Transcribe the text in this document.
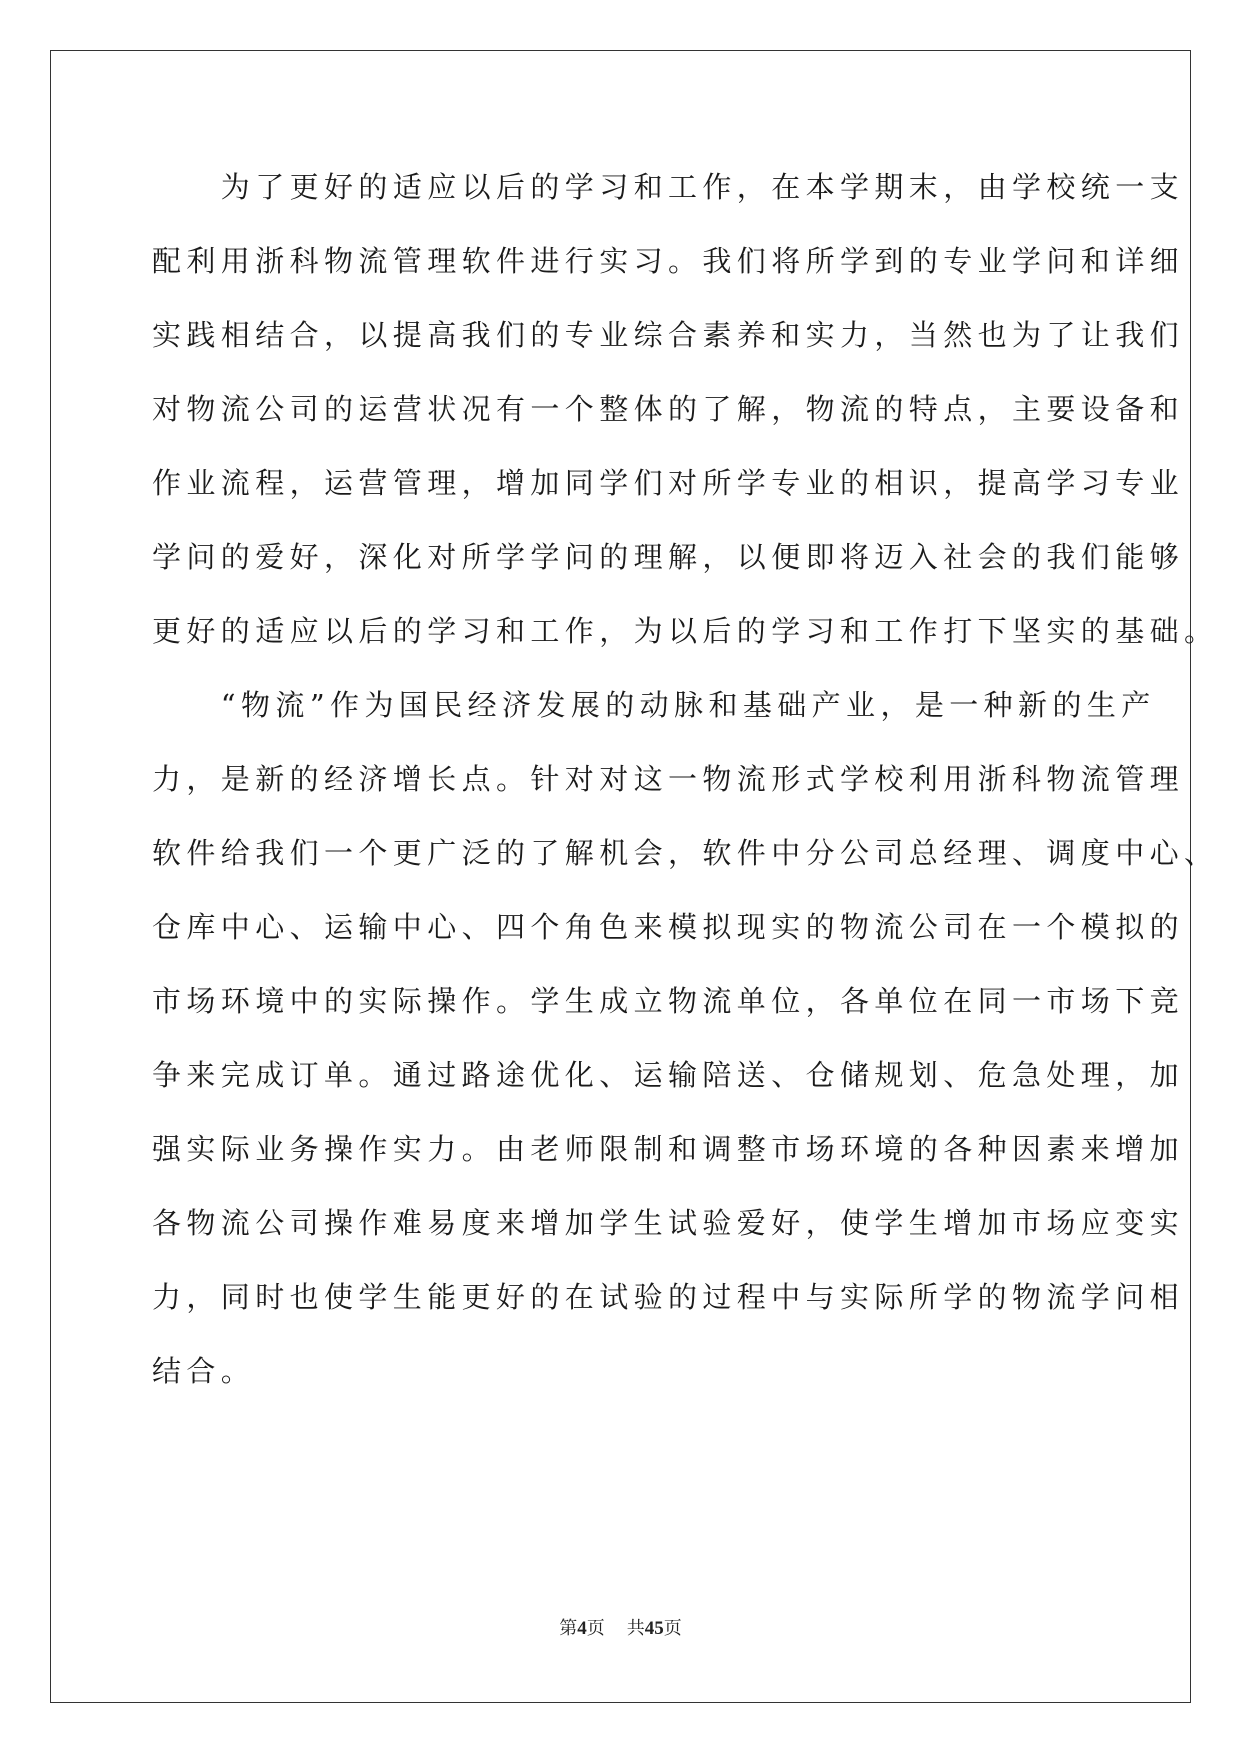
　　为了更好的适应以后的学习和工作，在本学期末，由学校统一支
配利用浙科物流管理软件进行实习。我们将所学到的专业学问和详细
实践相结合，以提高我们的专业综合素养和实力，当然也为了让我们
对物流公司的运营状况有一个整体的了解，物流的特点，主要设备和
作业流程，运营管理，增加同学们对所学专业的相识，提高学习专业
学问的爱好，深化对所学学问的理解，以便即将迈入社会的我们能够
更好的适应以后的学习和工作，为以后的学习和工作打下坚实的基础。
　　“物流”作为国民经济发展的动脉和基础产业，是一种新的生产
力，是新的经济增长点。针对对这一物流形式学校利用浙科物流管理
软件给我们一个更广泛的了解机会，软件中分公司总经理、调度中心、
仓库中心、运输中心、四个角色来模拟现实的物流公司在一个模拟的
市场环境中的实际操作。学生成立物流单位，各单位在同一市场下竞
争来完成订单。通过路途优化、运输陪送、仓储规划、危急处理，加
强实际业务操作实力。由老师限制和调整市场环境的各种因素来增加
各物流公司操作难易度来增加学生试验爱好，使学生增加市场应变实
力，同时也使学生能更好的在试验的过程中与实际所学的物流学问相
结合。
第4页 共45页
